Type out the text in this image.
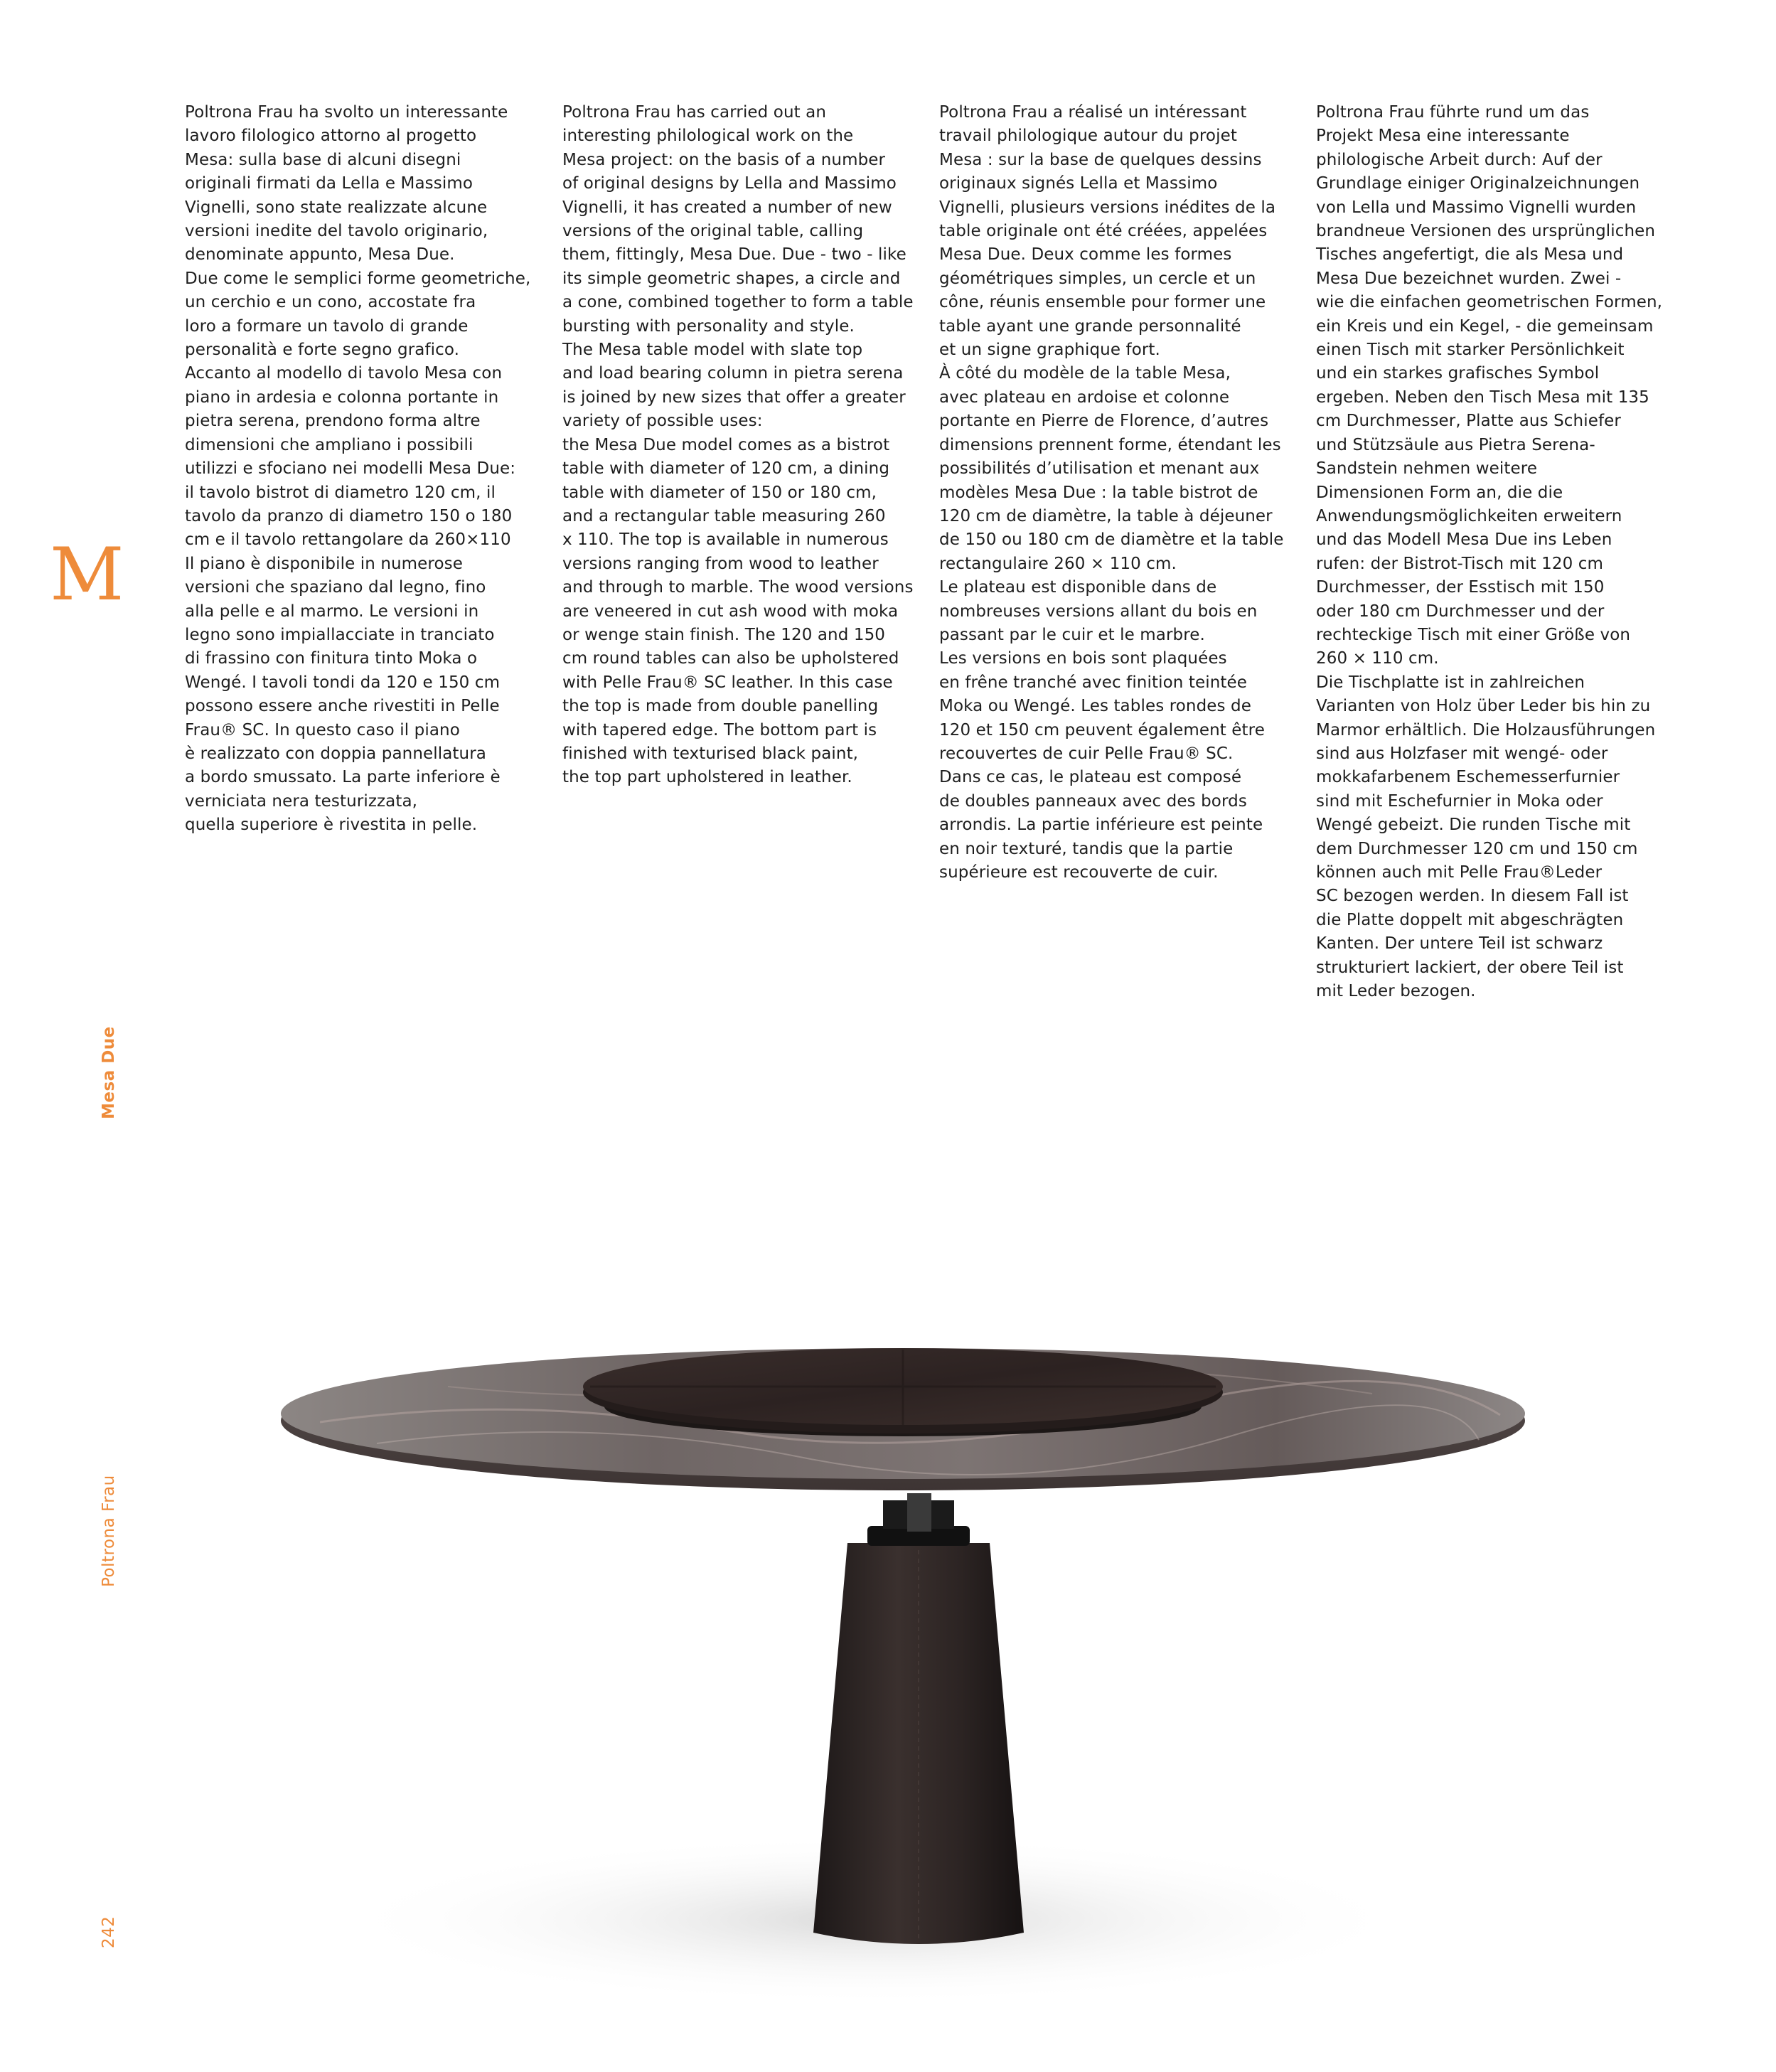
M
Mesa Due
Poltrona Frau
242

Poltrona Frau ha svolto un interessante

lavoro filologico attorno al progetto

Mesa: sulla base di alcuni disegni

originali firmati da Lella e Massimo

Vignelli, sono state realizzate alcune

versioni inedite del tavolo originario,

denominate appunto, Mesa Due.

Due come le semplici forme geometriche,

un cerchio e un cono, accostate fra

loro a formare un tavolo di grande

personalità e forte segno grafico.

Accanto al modello di tavolo Mesa con

piano in ardesia e colonna portante in

pietra serena, prendono forma altre

dimensioni che ampliano i possibili

utilizzi e sfociano nei modelli Mesa Due:

il tavolo bistrot di diametro 120 cm, il

tavolo da pranzo di diametro 150 o 180

cm e il tavolo rettangolare da 260×110

Il piano è disponibile in numerose

versioni che spaziano dal legno, fino

alla pelle e al marmo. Le versioni in

legno sono impiallacciate in tranciato

di frassino con finitura tinto Moka o

Wengé. I tavoli tondi da 120 e 150 cm

possono essere anche rivestiti in Pelle

Frau® SC. In questo caso il piano

è realizzato con doppia pannellatura

a bordo smussato. La parte inferiore è

verniciata nera testurizzata,

quella superiore è rivestita in pelle.

Poltrona Frau has carried out an

interesting philological work on the

Mesa project: on the basis of a number

of original designs by Lella and Massimo

Vignelli, it has created a number of new

versions of the original table, calling

them, fittingly, Mesa Due. Due - two - like

its simple geometric shapes, a circle and

a cone, combined together to form a table

bursting with personality and style.

The Mesa table model with slate top

and load bearing column in pietra serena

is joined by new sizes that offer a greater

variety of possible uses:

the Mesa Due model comes as a bistrot

table with diameter of 120 cm, a dining

table with diameter of 150 or 180 cm,

and a rectangular table measuring 260

x 110. The top is available in numerous

versions ranging from wood to leather

and through to marble. The wood versions

are veneered in cut ash wood with moka

or wenge stain finish. The 120 and 150

cm round tables can also be upholstered

with Pelle Frau® SC leather. In this case

the top is made from double panelling

with tapered edge. The bottom part is

finished with texturised black paint,

the top part upholstered in leather.

Poltrona Frau a réalisé un intéressant

travail philologique autour du projet

Mesa : sur la base de quelques dessins

originaux signés Lella et Massimo

Vignelli, plusieurs versions inédites de la

table originale ont été créées, appelées

Mesa Due. Deux comme les formes

géométriques simples, un cercle et un

cône, réunis ensemble pour former une

table ayant une grande personnalité

et un signe graphique fort.

À côté du modèle de la table Mesa,

avec plateau en ardoise et colonne

portante en Pierre de Florence, d’autres

dimensions prennent forme, étendant les

possibilités d’utilisation et menant aux

modèles Mesa Due : la table bistrot de

120 cm de diamètre, la table à déjeuner

de 150 ou 180 cm de diamètre et la table

rectangulaire 260 × 110 cm.

Le plateau est disponible dans de

nombreuses versions allant du bois en

passant par le cuir et le marbre.

Les versions en bois sont plaquées

en frêne tranché avec finition teintée

Moka ou Wengé. Les tables rondes de

120 et 150 cm peuvent également être

recouvertes de cuir Pelle Frau® SC.

Dans ce cas, le plateau est composé

de doubles panneaux avec des bords

arrondis. La partie inférieure est peinte

en noir texturé, tandis que la partie

supérieure est recouverte de cuir.

Poltrona Frau führte rund um das

Projekt Mesa eine interessante

philologische Arbeit durch: Auf der

Grundlage einiger Originalzeichnungen

von Lella und Massimo Vignelli wurden

brandneue Versionen des ursprünglichen

Tisches angefertigt, die als Mesa und

Mesa Due bezeichnet wurden. Zwei -

wie die einfachen geometrischen Formen,

ein Kreis und ein Kegel, - die gemeinsam

einen Tisch mit starker Persönlichkeit

und ein starkes grafisches Symbol

ergeben. Neben den Tisch Mesa mit 135

cm Durchmesser, Platte aus Schiefer

und Stützsäule aus Pietra Serena-

Sandstein nehmen weitere

Dimensionen Form an, die die

Anwendungsmöglichkeiten erweitern

und das Modell Mesa Due ins Leben

rufen: der Bistrot-Tisch mit 120 cm

Durchmesser, der Esstisch mit 150

oder 180 cm Durchmesser und der

rechteckige Tisch mit einer Größe von

260 × 110 cm.

Die Tischplatte ist in zahlreichen

Varianten von Holz über Leder bis hin zu

Marmor erhältlich. Die Holzausführungen

sind aus Holzfaser mit wengé- oder

mokkafarbenem Eschemesserfurnier

sind mit Eschefurnier in Moka oder

Wengé gebeizt. Die runden Tische mit

dem Durchmesser 120 cm und 150 cm

können auch mit Pelle Frau®Leder

SC bezogen werden. In diesem Fall ist

die Platte doppelt mit abgeschrägten

Kanten. Der untere Teil ist schwarz

strukturiert lackiert, der obere Teil ist

mit Leder bezogen.
